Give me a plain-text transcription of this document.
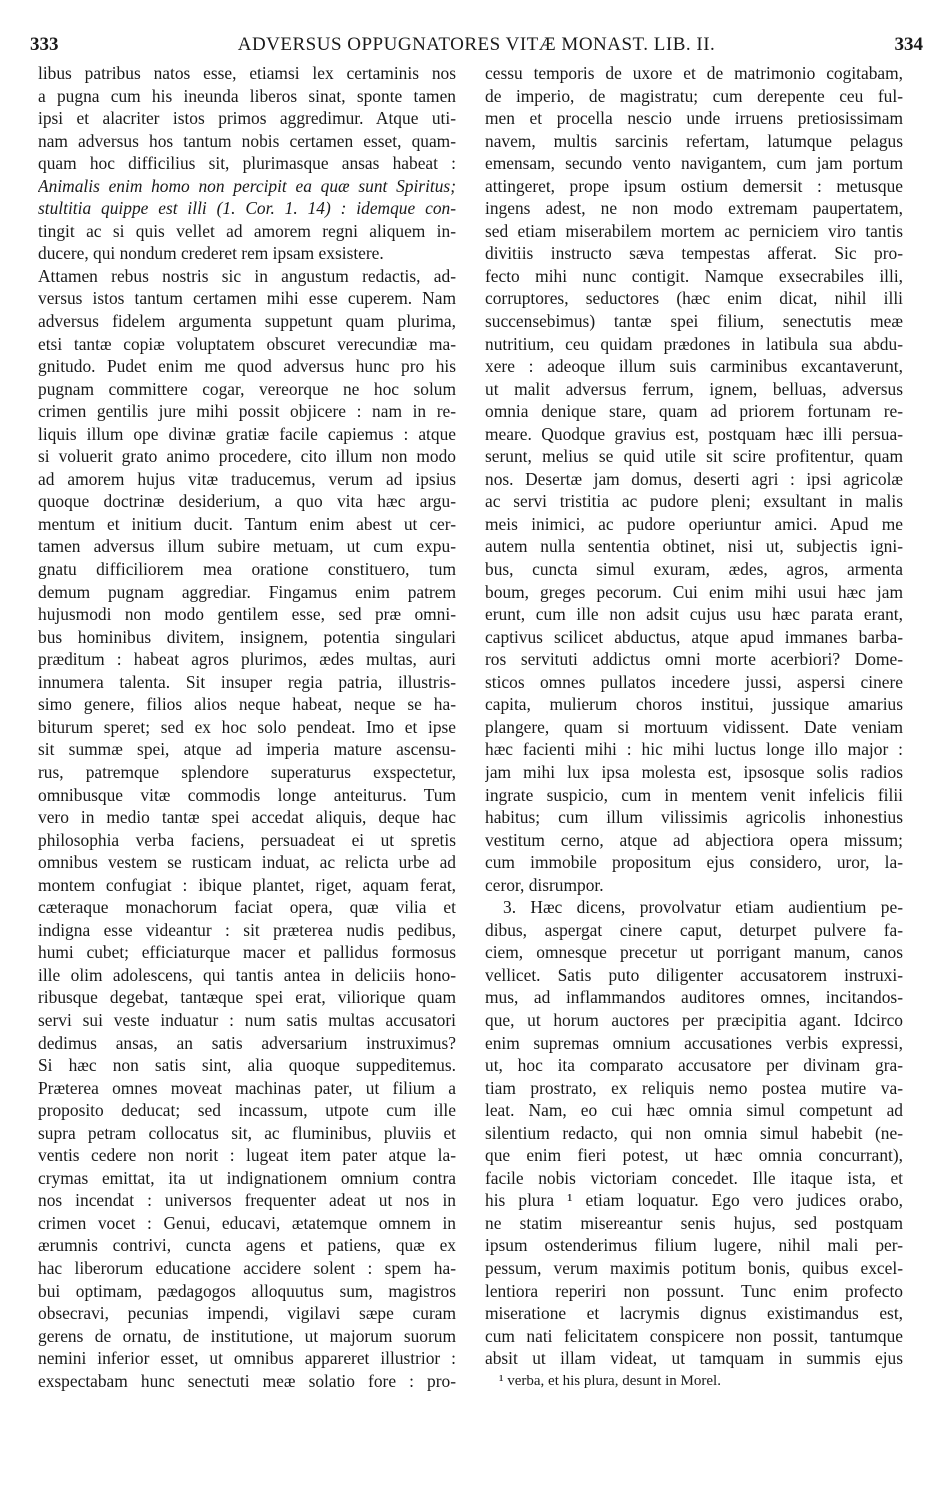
333	ADVERSUS OPPUGNATORES VITÆ MONAST. LIB. II.	334
libus patribus natos esse, etiamsi lex certaminis nos
a pugna cum his ineunda liberos sinat, sponte tamen
ipsi et alacriter istos primos aggredimur. Atque uti-
nam adversus hos tantum nobis certamen esset, quam-
quam hoc difficilius sit, plurimasque ansas habeat :
Animalis enim homo non percipit ea quæ sunt Spiritus;
stultitia quippe est illi (1. Cor. 1. 14) : idemque con-
tingit ac si quis vellet ad amorem regni aliquem in-
ducere, qui nondum crederet rem ipsam exsistere.
Attamen rebus nostris sic in angustum redactis, ad-
versus istos tantum certamen mihi esse cuperem. Nam
adversus fidelem argumenta suppetunt quam plurima,
etsi tantæ copiæ voluptatem obscuret verecundiæ ma-
gnitudo. Pudet enim me quod adversus hunc pro his
pugnam committere cogar, vereorque ne hoc solum
crimen gentilis jure mihi possit objicere : nam in re-
liquis illum ope divinæ gratiæ facile capiemus : atque
si voluerit grato animo procedere, cito illum non modo
ad amorem hujus vitæ traducemus, verum ad ipsius
quoque doctrinæ desiderium, a quo vita hæc argu-
mentum et initium ducit. Tantum enim abest ut cer-
tamen adversus illum subire metuam, ut cum expu-
gnatu difficiliorem mea oratione constituero, tum
demum pugnam aggrediar. Fingamus enim patrem
hujusmodi non modo gentilem esse, sed præ omni-
bus hominibus divitem, insignem, potentia singulari
præditum : habeat agros plurimos, ædes multas, auri
innumera talenta. Sit insuper regia patria, illustris-
simo genere, filios alios neque habeat, neque se ha-
biturum speret; sed ex hoc solo pendeat. Imo et ipse
sit summæ spei, atque ad imperia mature ascensu-
rus, patremque splendore superaturus exspectetur,
omnibusque vitæ commodis longe anteiturus. Tum
vero in medio tantæ spei accedat aliquis, deque hac
philosophia verba faciens, persuadeat ei ut spretis
omnibus vestem se rusticam induat, ac relicta urbe ad
montem confugiat : ibique plantet, riget, aquam ferat,
cæteraque monachorum faciat opera, quæ vilia et
indigna esse videantur : sit præterea nudis pedibus,
humi cubet; efficiaturque macer et pallidus formosus
ille olim adolescens, qui tantis antea in deliciis hono-
ribusque degebat, tantæque spei erat, viliorique quam
servi sui veste induatur : num satis multas accusatori
dedimus ansas, an satis adversarium instruximus?
Si hæc non satis sint, alia quoque suppeditemus.
Præterea omnes moveat machinas pater, ut filium a
proposito deducat; sed incassum, utpote cum ille
supra petram collocatus sit, ac fluminibus, pluviis et
ventis cedere non norit : lugeat item pater atque la-
crymas emittat, ita ut indignationem omnium contra
nos incendat : universos frequenter adeat ut nos in
crimen vocet : Genui, educavi, ætatemque omnem in
ærumnis contrivi, cuncta agens et patiens, quæ ex
hac liberorum educatione accidere solent : spem ha-
bui optimam, pædagogos alloquutus sum, magistros
obsecravi, pecunias impendi, vigilavi sæpe curam
gerens de ornatu, de institutione, ut majorum suorum
nemini inferior esset, ut omnibus appareret illustrior :
exspectabam hunc senectuti meæ solatio fore : pro-
cessu temporis de uxore et de matrimonio cogitabam,
de imperio, de magistratu; cum derepente ceu ful-
men et procella nescio unde irruens pretiosissimam
navem, multis sarcinis refertam, latumque pelagus
emensam, secundo vento navigantem, cum jam portum
attingeret, prope ipsum ostium demersit : metusque
ingens adest, ne non modo extremam paupertatem,
sed etiam miserabilem mortem ac perniciem viro tantis
divitiis instructo sæva tempestas afferat. Sic pro-
fecto mihi nunc contigit. Namque exsecrabiles illi,
corruptores, seductores (hæc enim dicat, nihil illi
succensebimus) tantæ spei filium, senectutis meæ
nutritium, ceu quidam prædones in latibula sua abdu-
xere : adeoque illum suis carminibus excantaverunt,
ut malit adversus ferrum, ignem, belluas, adversus
omnia denique stare, quam ad priorem fortunam re-
meare. Quodque gravius est, postquam hæc illi persua-
serunt, melius se quid utile sit scire profitentur, quam
nos. Desertæ jam domus, deserti agri : ipsi agricolæ
ac servi tristitia ac pudore pleni; exsultant in malis
meis inimici, ac pudore operiuntur amici. Apud me
autem nulla sententia obtinet, nisi ut, subjectis igni-
bus, cuncta simul exuram, ædes, agros, armenta
boum, greges pecorum. Cui enim mihi usui hæc jam
erunt, cum ille non adsit cujus usu hæc parata erant,
captivus scilicet abductus, atque apud immanes barba-
ros servituti addictus omni morte acerbiori? Dome-
sticos omnes pullatos incedere jussi, aspersi cinere
capita, mulierum choros institui, jussique amarius
plangere, quam si mortuum vidissent. Date veniam
hæc facienti mihi : hic mihi luctus longe illo major :
jam mihi lux ipsa molesta est, ipsosque solis radios
ingrate suspicio, cum in mentem venit infelicis filii
habitus; cum illum vilissimis agricolis inhonestius
vestitum cerno, atque ad abjectiora opera missum;
cum immobile propositum ejus considero, uror, la-
ceror, disrumpor.
3. Hæc dicens, provolvatur etiam audientium pe-
dibus, aspergat cinere caput, deturpet pulvere fa-
ciem, omnesque precetur ut porrigant manum, canos
vellicet. Satis puto diligenter accusatorem instruxi-
mus, ad inflammandos auditores omnes, incitandos-
que, ut horum auctores per præcipitia agant. Idcirco
enim supremas omnium accusationes verbis expressi,
ut, hoc ita comparato accusatore per divinam gra-
tiam prostrato, ex reliquis nemo postea mutire va-
leat. Nam, eo cui hæc omnia simul competunt ad
silentium redacto, qui non omnia simul habebit (ne-
que enim fieri potest, ut hæc omnia concurrant),
facile nobis victoriam concedet. Ille itaque ista, et
his plura ¹ etiam loquatur. Ego vero judices orabo,
ne statim misereantur senis hujus, sed postquam
ipsum ostenderimus filium lugere, nihil mali per-
pessum, verum maximis potitum bonis, quibus excel-
lentiora reperiri non possunt. Tunc enim profecto
miseratione et lacrymis dignus existimandus est,
cum nati felicitatem conspicere non possit, tantumque
absit ut illam videat, ut tamquam in summis ejus
¹ verba, et his plura, desunt in Morel.
